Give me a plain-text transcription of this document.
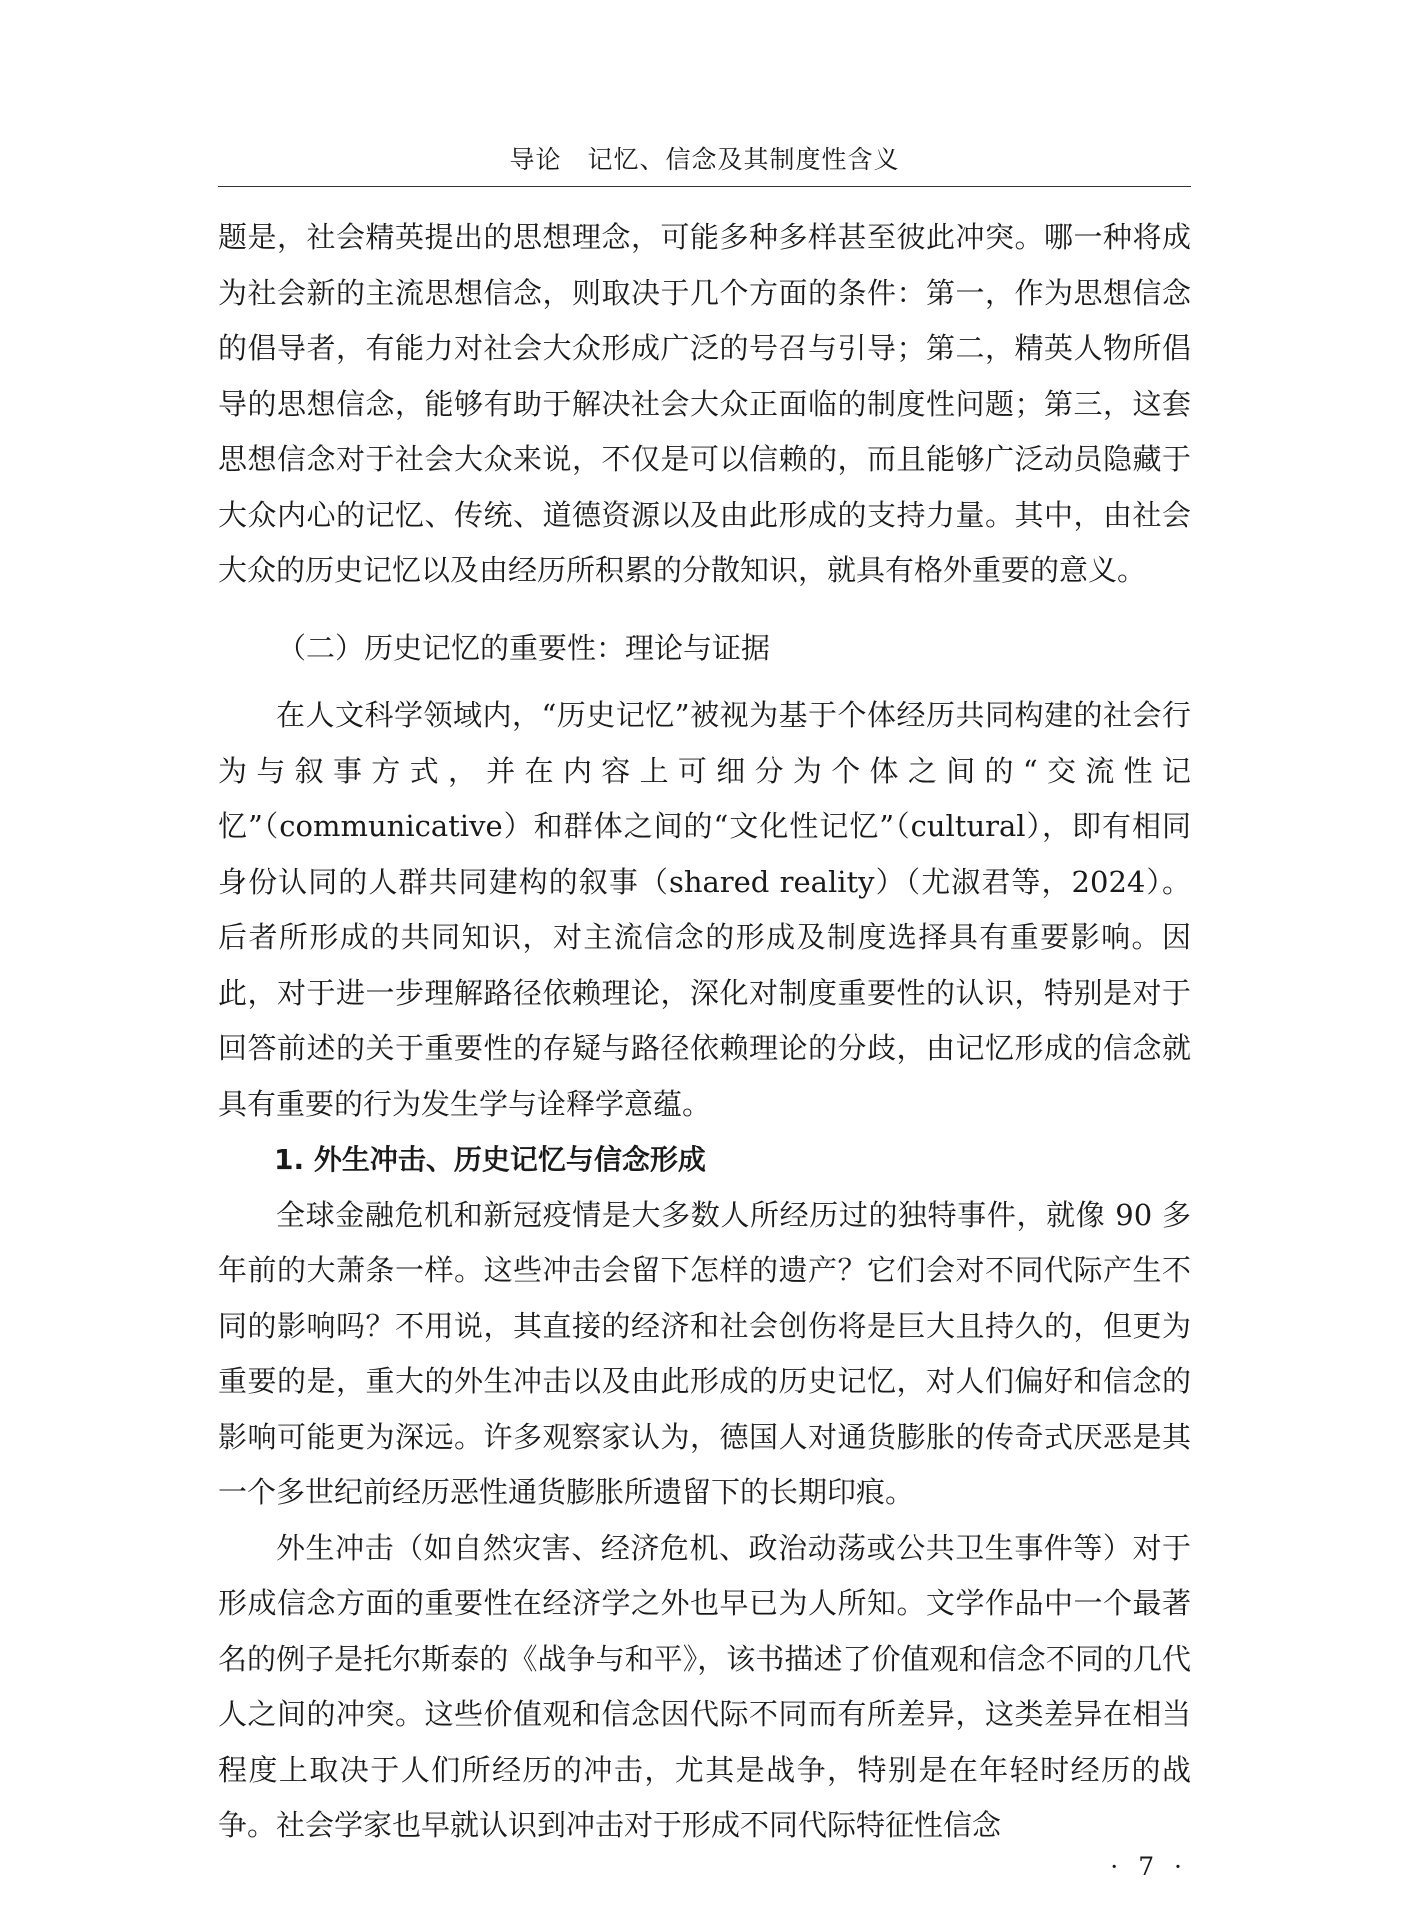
导论　记忆、信念及其制度性含义

题是，社会精英提出的思想理念，可能多种多样甚至彼此冲突。哪一种将成为社会新的主流思想信念，则取决于几个方面的条件：第一，作为思想信念的倡导者，有能力对社会大众形成广泛的号召与引导；第二，精英人物所倡导的思想信念，能够有助于解决社会大众正面临的制度性问题；第三，这套思想信念对于社会大众来说，不仅是可以信赖的，而且能够广泛动员隐藏于大众内心的记忆、传统、道德资源以及由此形成的支持力量。其中，由社会大众的历史记忆以及由经历所积累的分散知识，就具有格外重要的意义。

（二）历史记忆的重要性：理论与证据

在人文科学领域内，“历史记忆”被视为基于个体经历共同构建的社会行为与叙事方式，并在内容上可细分为个体之间的“交流性记忆”（communicative）和群体之间的“文化性记忆”（cultural），即有相同身份认同的人群共同建构的叙事（shared reality）（尤淑君等，2024）。后者所形成的共同知识，对主流信念的形成及制度选择具有重要影响。因此，对于进一步理解路径依赖理论，深化对制度重要性的认识，特别是对于回答前述的关于重要性的存疑与路径依赖理论的分歧，由记忆形成的信念就具有重要的行为发生学与诠释学意蕴。

1. 外生冲击、历史记忆与信念形成

全球金融危机和新冠疫情是大多数人所经历过的独特事件，就像 90 多年前的大萧条一样。这些冲击会留下怎样的遗产？它们会对不同代际产生不同的影响吗？不用说，其直接的经济和社会创伤将是巨大且持久的，但更为重要的是，重大的外生冲击以及由此形成的历史记忆，对人们偏好和信念的影响可能更为深远。许多观察家认为，德国人对通货膨胀的传奇式厌恶是其一个多世纪前经历恶性通货膨胀所遗留下的长期印痕。

外生冲击（如自然灾害、经济危机、政治动荡或公共卫生事件等）对于形成信念方面的重要性在经济学之外也早已为人所知。文学作品中一个最著名的例子是托尔斯泰的《战争与和平》，该书描述了价值观和信念不同的几代人之间的冲突。这些价值观和信念因代际不同而有所差异，这类差异在相当程度上取决于人们所经历的冲击，尤其是战争，特别是在年轻时经历的战争。社会学家也早就认识到冲击对于形成不同代际特征性信念

· 7 ·
